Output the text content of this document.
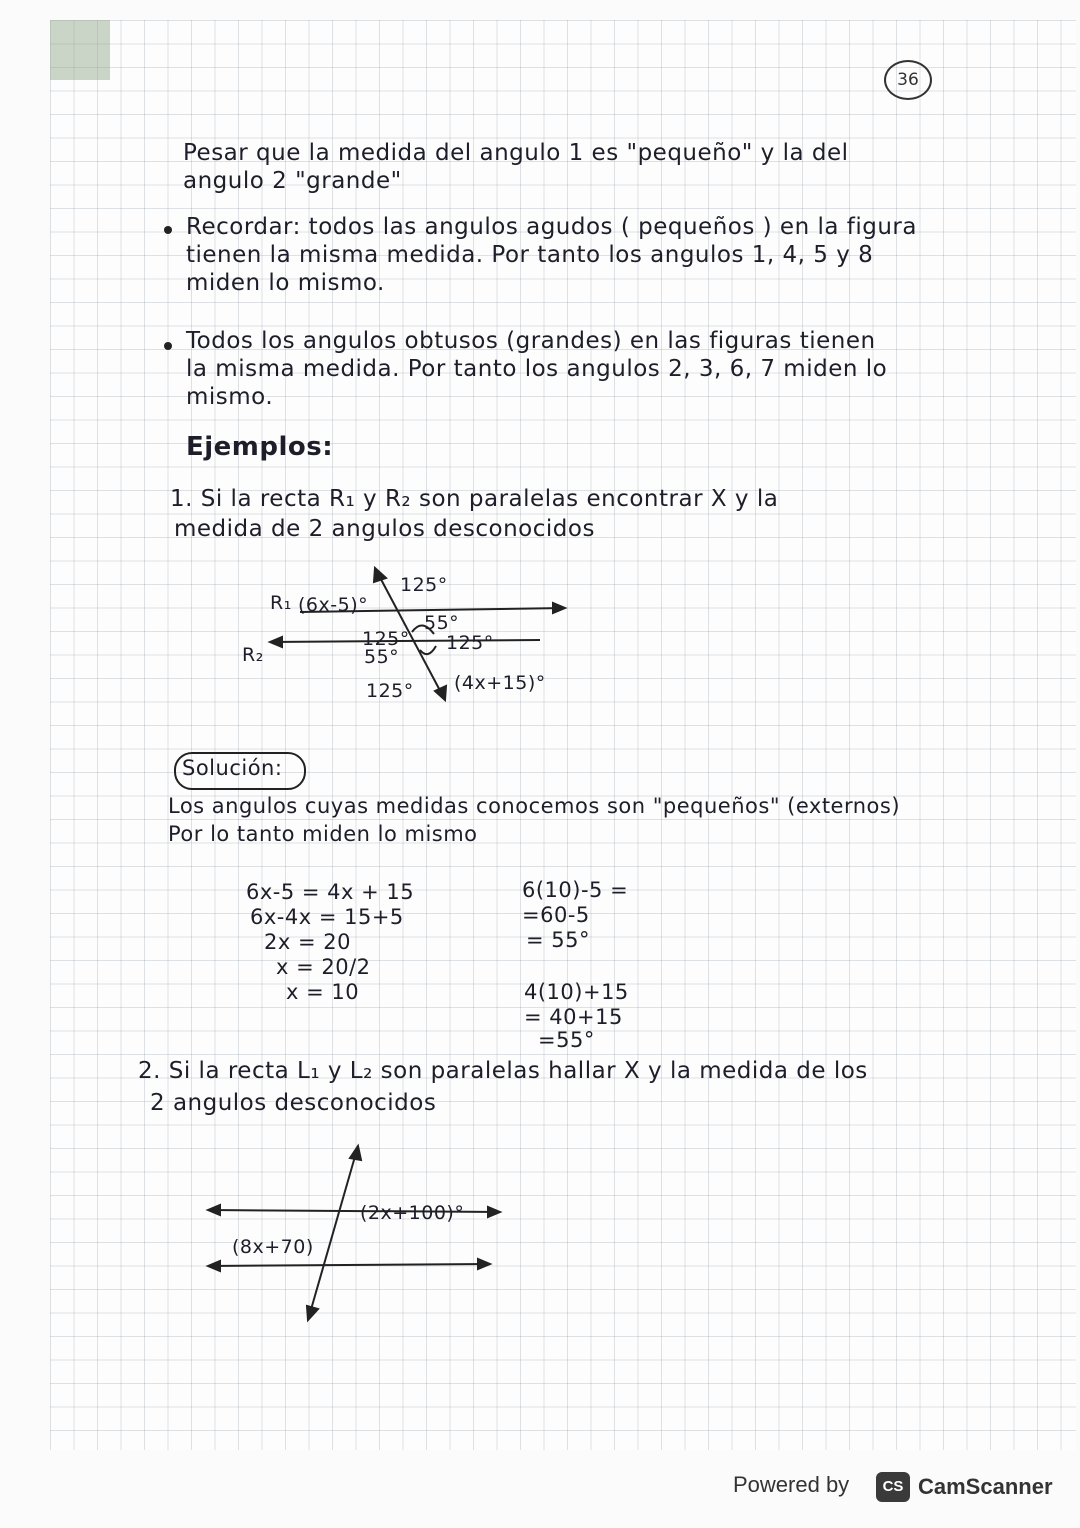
36
Pesar que la medida del angulo 1 es "pequeño" y la del
angulo 2 "grande"
Recordar: todos las angulos agudos ( pequeños ) en la figura
tienen la misma medida. Por tanto los angulos 1, 4, 5 y 8
miden lo mismo.
Todos los angulos obtusos (grandes) en las figuras tienen
la misma medida. Por tanto los angulos 2, 3, 6, 7 miden lo
mismo.
Ejemplos:
1. Si la recta R₁ y R₂ son paralelas encontrar X y la
medida de 2 angulos desconocidos
R₁
R₂
(6x-5)°
125°
55°
125°
55°
125°
125° (4x+15)°
Solución:
Los angulos cuyas medidas conocemos son "pequeños" (externos)
Por lo tanto miden lo mismo
6x-5 = 4x + 15
6x-4x = 15+5
2x = 20
x = 20/2
x = 10
6(10)-5 =
=60-5
= 55°
4(10)+15
= 40+15
=55°
2. Si la recta L₁ y L₂ son paralelas hallar X y la medida de los
2 angulos desconocidos
(8x+70)
(2x+100)°
Powered by	CS CamScanner
